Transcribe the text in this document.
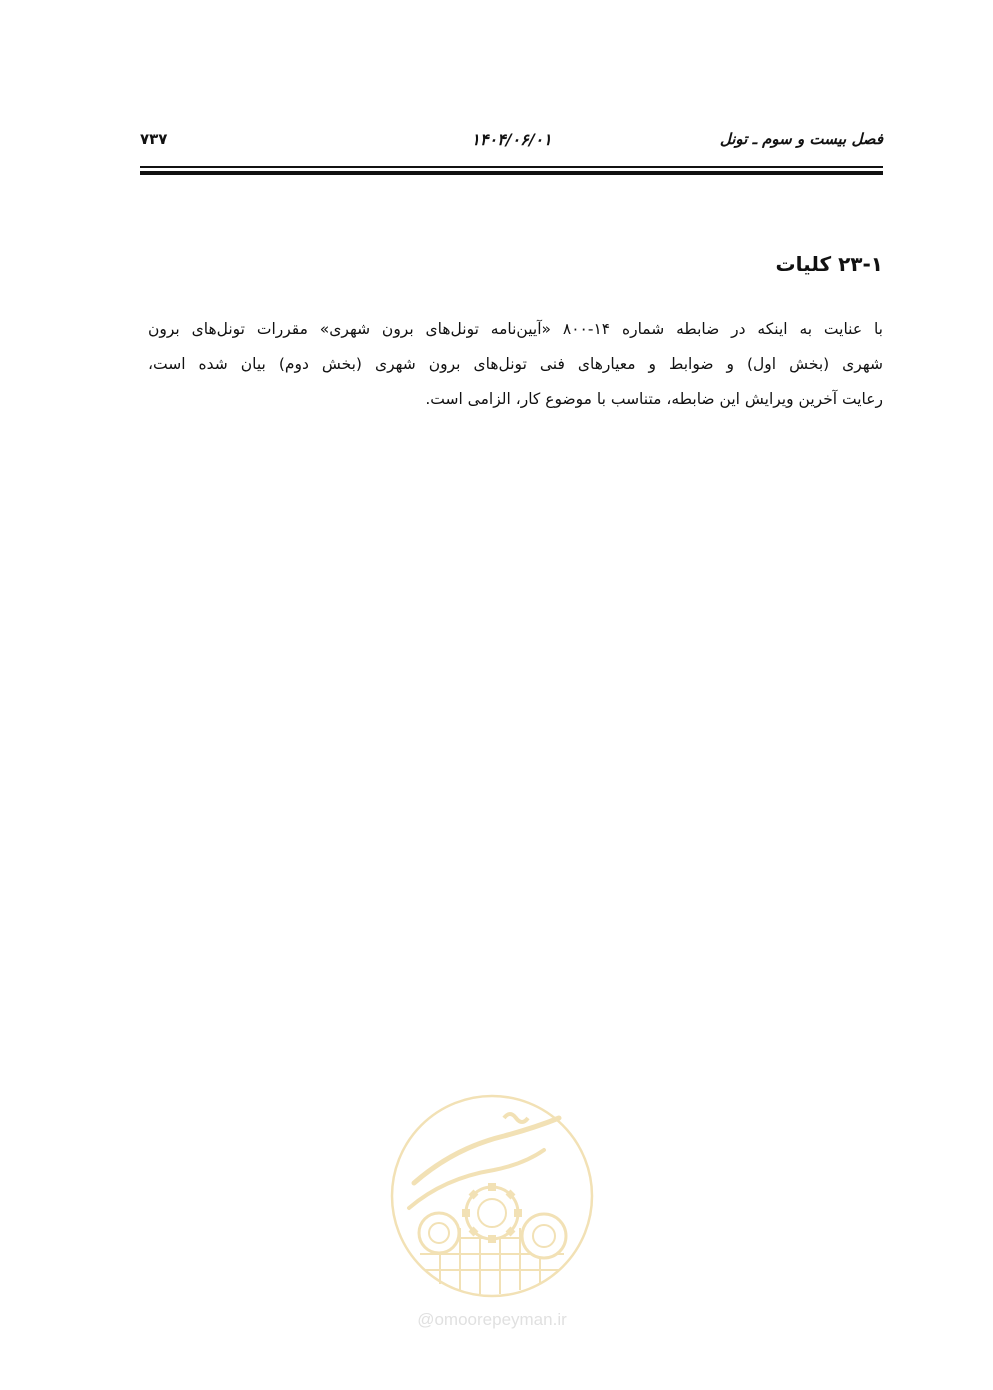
فصل بیست و سوم ـ تونل
۱۴۰۴/۰۶/۰۱
۷۳۷
۲۳-۱ کلیات
با عنایت به اینکه در ضابطه شماره ۱۴-۸۰۰ «آیین‌نامه تونل‌های برون شهری» مقررات تونل‌های برون
شهری (بخش اول) و ضوابط و معیارهای فنی تونل‌های برون شهری (بخش دوم) بیان شده است،
رعایت آخرین ویرایش این ضابطه، متناسب با موضوع کار، الزامی است.
@omoorepeyman.ir
